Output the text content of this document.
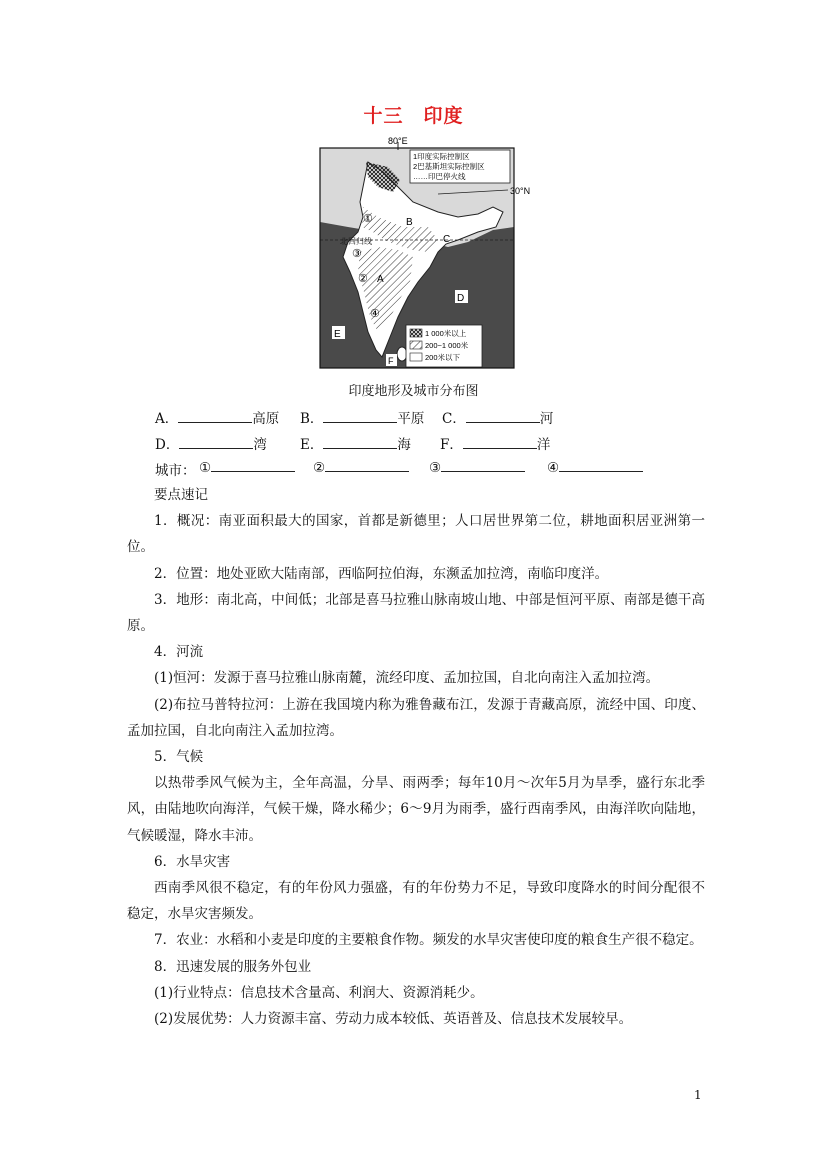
十三　印度
80°E
30°N
北回归线
1印度实际控制区
2巴基斯坦实际控制区
……印巴停火线
1 000米以上
200~1 000米
200米以下
A
B
C
D
E
F
①
②
③
④
印度地形及城市分布图
A．	高原 B．	平原 C．	河
D．	湾 E．	海 F．	洋
城市： ①	②	③	④

要点速记

1．概况：南亚面积最大的国家，首都是新德里；人口居世界第二位，耕地面积居亚洲第一位。

2．位置：地处亚欧大陆南部，西临阿拉伯海，东濒孟加拉湾，南临印度洋。

3．地形：南北高，中间低；北部是喜马拉雅山脉南坡山地、中部是恒河平原、南部是德干高原。

4．河流

(1)恒河：发源于喜马拉雅山脉南麓，流经印度、孟加拉国，自北向南注入孟加拉湾。

(2)布拉马普特拉河：上游在我国境内称为雅鲁藏布江，发源于青藏高原，流经中国、印度、孟加拉国，自北向南注入孟加拉湾。

5．气候

以热带季风气候为主，全年高温，分旱、雨两季；每年10月～次年5月为旱季，盛行东北季风，由陆地吹向海洋，气候干燥，降水稀少；6～9月为雨季，盛行西南季风，由海洋吹向陆地，气候暖湿，降水丰沛。

6．水旱灾害

西南季风很不稳定，有的年份风力强盛，有的年份势力不足，导致印度降水的时间分配很不稳定，水旱灾害频发。

7．农业：水稻和小麦是印度的主要粮食作物。频发的水旱灾害使印度的粮食生产很不稳定。

8．迅速发展的服务外包业

(1)行业特点：信息技术含量高、利润大、资源消耗少。

(2)发展优势：人力资源丰富、劳动力成本较低、英语普及、信息技术发展较早。

1
